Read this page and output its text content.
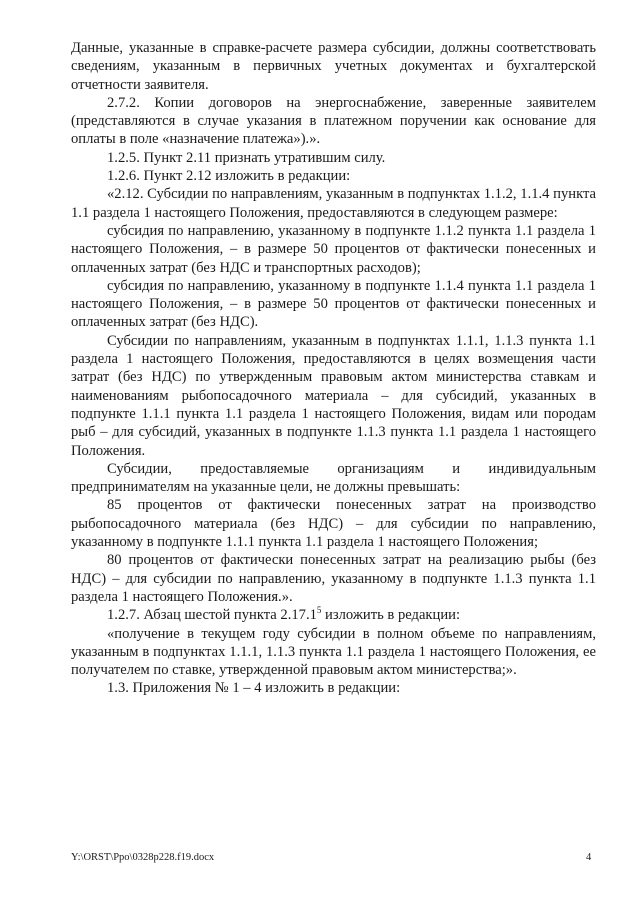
Данные, указанные в справке-расчете размера субсидии, должны соответствовать сведениям, указанным в первичных учетных документах и бухгалтерской отчетности заявителя.

2.7.2. Копии договоров на энергоснабжение, заверенные заявителем (представляются в случае указания в платежном поручении как основание для оплаты в поле «назначение платежа»).».

1.2.5. Пункт 2.11 признать утратившим силу.

1.2.6. Пункт 2.12 изложить в редакции:

«2.12. Субсидии по направлениям, указанным в подпунктах 1.1.2, 1.1.4 пункта 1.1 раздела 1 настоящего Положения, предоставляются в следующем размере:

субсидия по направлению, указанному в подпункте 1.1.2 пункта 1.1 раздела 1 настоящего Положения, – в размере 50 процентов от фактически понесенных и оплаченных затрат (без НДС и транспортных расходов);

субсидия по направлению, указанному в подпункте 1.1.4 пункта 1.1 раздела 1 настоящего Положения, – в размере 50 процентов от фактически понесенных и оплаченных затрат (без НДС).

Субсидии по направлениям, указанным в подпунктах 1.1.1, 1.1.3 пункта 1.1 раздела 1 настоящего Положения, предоставляются в целях возмещения части затрат (без НДС) по утвержденным правовым актом министерства ставкам и наименованиям рыбопосадочного материала – для субсидий, указанных в подпункте 1.1.1 пункта 1.1 раздела 1 настоящего Положения, видам или породам рыб – для субсидий, указанных в подпункте 1.1.3 пункта 1.1 раздела 1 настоящего Положения.

Субсидии, предоставляемые организациям и индивидуальным предпринимателям на указанные цели, не должны превышать:

85 процентов от фактически понесенных затрат на производство рыбопосадочного материала (без НДС) – для субсидии по направлению, указанному в подпункте 1.1.1 пункта 1.1 раздела 1 настоящего Положения;

80 процентов от фактически понесенных затрат на реализацию рыбы (без НДС) – для субсидии по направлению, указанному в подпункте 1.1.3 пункта 1.1 раздела 1 настоящего Положения.».

1.2.7. Абзац шестой пункта 2.17.1$^5$ изложить в редакции:

«получение в текущем году субсидии в полном объеме по направлениям, указанным в подпунктах 1.1.1, 1.1.3 пункта 1.1 раздела 1 настоящего Положения, ее получателем по ставке, утвержденной правовым актом министерства;».

1.3. Приложения № 1 – 4 изложить в редакции:

Y:\ORST\Ppo\0328p228.f19.docx	4
